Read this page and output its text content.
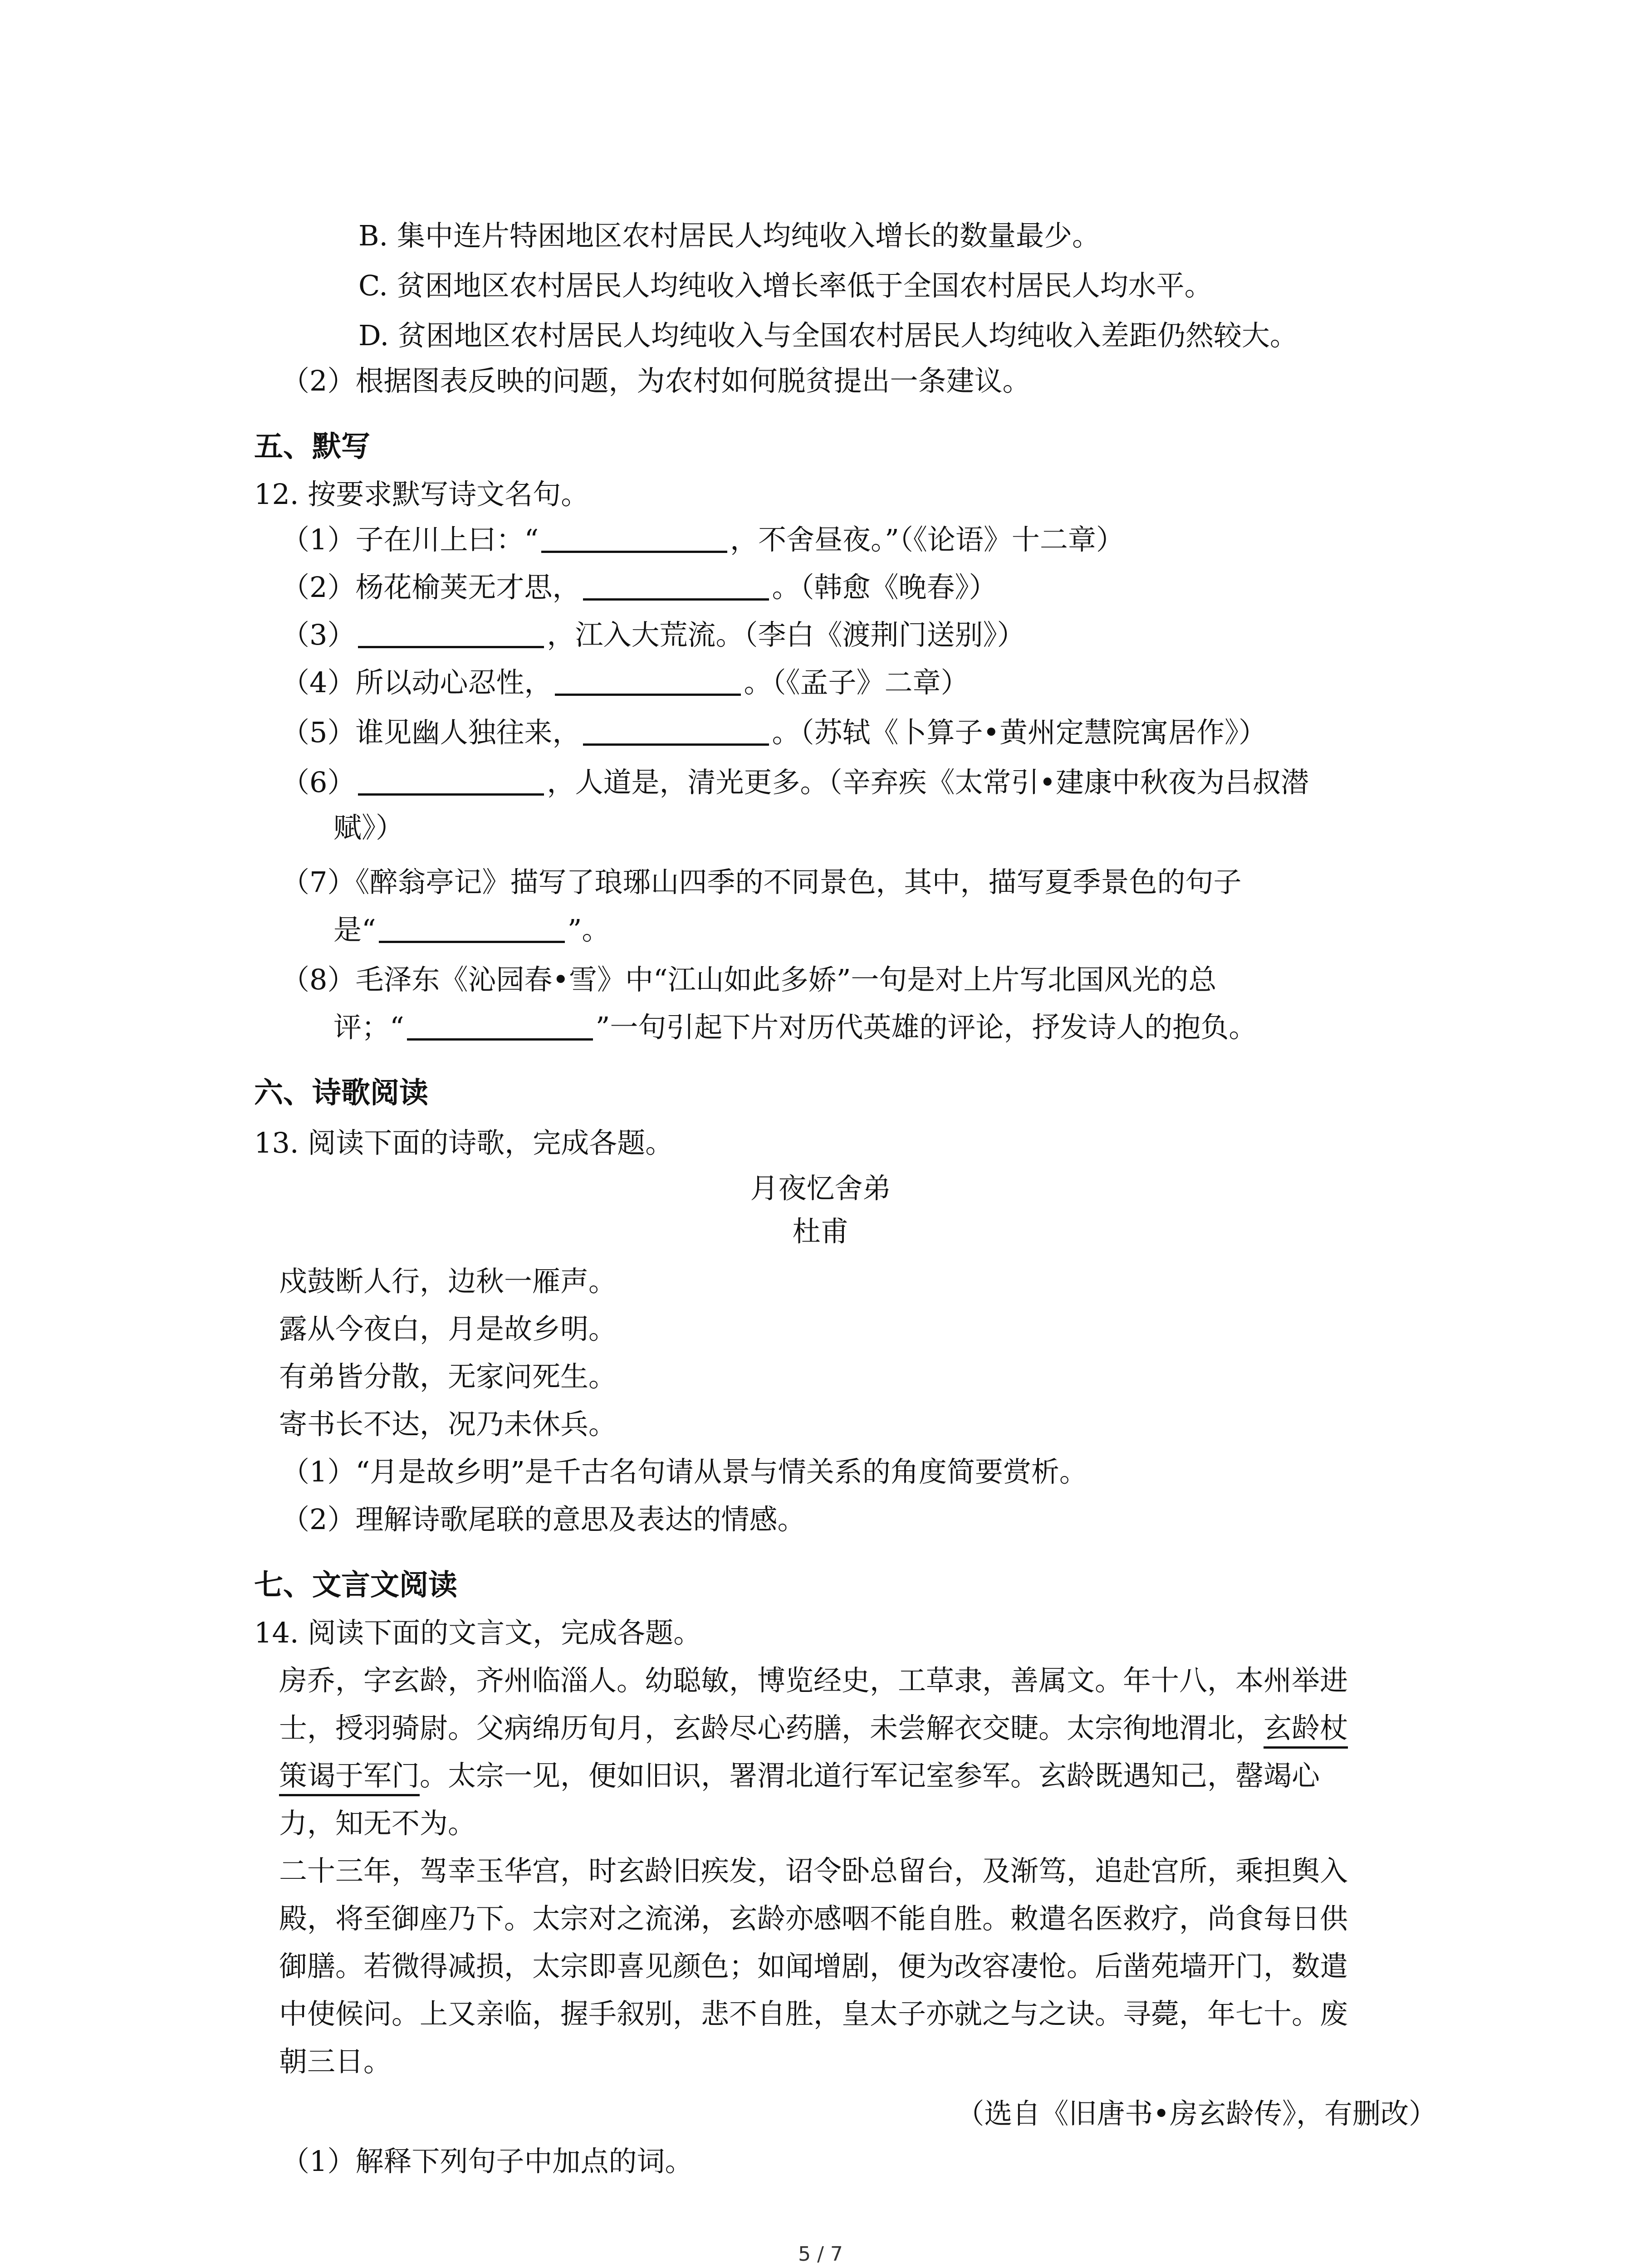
B. 集中连片特困地区农村居民人均纯收入增长的数量最少。
C. 贫困地区农村居民人均纯收入增长率低于全国农村居民人均水平。
D. 贫困地区农村居民人均纯收入与全国农村居民人均纯收入差距仍然较大。
（2）根据图表反映的问题，为农村如何脱贫提出一条建议。
五、默写
12. 按要求默写诗文名句。
（1）子在川上曰：“	，不舍昼夜。”（《论语》十二章）
（2）杨花榆荚无才思，	。（韩愈《晚春》）
（3）	，江入大荒流。（李白《渡荆门送别》）
（4）所以动心忍性，	。（《孟子》二章）
（5）谁见幽人独往来，	。（苏轼《卜算子•黄州定慧院寓居作》）
（6）	，人道是，清光更多。（辛弃疾《太常引•建康中秋夜为吕叔潜
赋》）
（7）《醉翁亭记》描写了琅琊山四季的不同景色，其中，描写夏季景色的句子
是“	”。
（8）毛泽东《沁园春•雪》中“江山如此多娇”一句是对上片写北国风光的总
评；“	”一句引起下片对历代英雄的评论，抒发诗人的抱负。
六、诗歌阅读
13. 阅读下面的诗歌，完成各题。
月夜忆舍弟
杜甫
戍鼓断人行，边秋一雁声。
露从今夜白，月是故乡明。
有弟皆分散，无家问死生。
寄书长不达，况乃未休兵。
（1）“月是故乡明”是千古名句请从景与情关系的角度简要赏析。
（2）理解诗歌尾联的意思及表达的情感。
七、文言文阅读
14. 阅读下面的文言文，完成各题。
房乔，字玄龄，齐州临淄人。幼聪敏，博览经史，工草隶，善属文。年十八，本州举进
士，授羽骑尉。父病绵历旬月，玄龄尽心药膳，未尝解衣交睫。太宗徇地渭北，玄龄杖
策谒于军门。太宗一见，便如旧识，署渭北道行军记室参军。玄龄既遇知己，罄竭心
力，知无不为。
二十三年，驾幸玉华宫，时玄龄旧疾发，诏令卧总留台，及渐笃，追赴宫所，乘担舆入
殿，将至御座乃下。太宗对之流涕，玄龄亦感咽不能自胜。敕遣名医救疗，尚食每日供
御膳。若微得减损，太宗即喜见颜色；如闻增剧，便为改容凄怆。后凿苑墙开门，数遣
中使候问。上又亲临，握手叙别，悲不自胜，皇太子亦就之与之诀。寻薨，年七十。废
朝三日。
（选自《旧唐书•房玄龄传》，有删改）
（1）解释下列句子中加点的词。
5 / 7
